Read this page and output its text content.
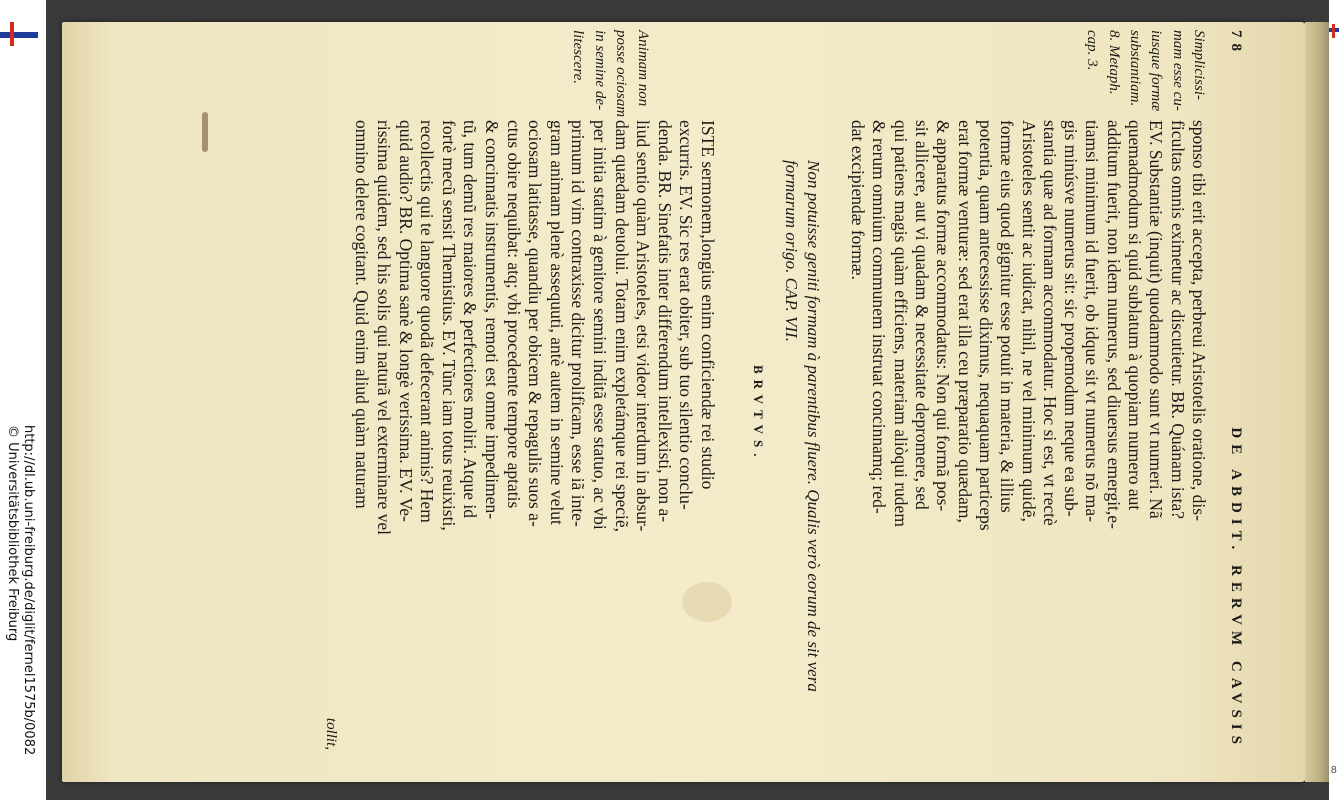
http://dl.ub.uni-freiburg.de/diglit/fernel1575b/0082
© Universitätsbibliothek Freiburg
8
78
DE ABDIT. RERVM CAVSIS
sponso tibi erit accepta, perbreui Aristotelis oratione, dis-
ficultas omnis eximetur ac discutietur. BR. Quánam ista?
EV. Substantiæ (inquit) quodammodo sunt vt numeri. Nã
quemadmodum si quid sublatum à quopiam numero aut
additum fuerit, non idem numerus, sed diuersus emergit,e-
tiamsi minimum id fuerit, ob idque sit vt numerus nõ ma-
gis minúsve numerus sit: sic propemodum neque ea sub-
stantia quæ ad formam accommodatur. Hoc si est, vt rectè
Aristoteles sentit ac iudicat, nihil, ne vel minimum quidẽ,
formæ eius quod gignitur esse potuit in materia, & illius
potentia, quam antecessisse diximus, nequaquam particeps
erat formæ venturæ: sed erat illa ceu præparatio quædam,
& apparatus formæ accommodatus: Non qui formã pos-
sit allicere, aut vi quadam & necessitate depromere, sed
qui patiens magis quàm efficiens, materiam aliòqui rudem
& rerum omnium communem instruat concinnamq; red-
dat excipiendæ formæ.
Simplicissi-
mam esse cu-
iusque formæ
substantiam.
8. Metaph.
cap. 3.
Animam non
posse ociosam
in semine de-
litescere.
Non potuisse geniti formam à parentibus fluere. Qualis verò eorum de sit vera formarum origo. CAP. VII.
BRVTVS.
ISTE sermonem,longius enim conficiendæ rei studio
excurris. EV. Sic res erat obiter, sub tuo silentio conclu-
denda. BR. Sinefatis inter differendum intellexisti, non a-
liud sentio quàm Aristoteles, etsi videor interdum in absur-
dam quædam deuolui. Totam enim expletámque rei speciẽ,
per initia statim à genitore semini inditã esse statuo, ac vbi
primum id vim contraxisse dicitur prolificam, esse iã inte-
gram animam plenè assequuti, antè autem in semine velut
ociosam latitasse, quandiu per obicem & repagulis suos a-
ctus obire nequibat: atq; vbi procedente tempore aptatis
& concinnatis instrumentis, remoti est omne impedimen-
tũ, tum demũ res maiores & perfectiores moliri. Atque id
fortè mecũ sensit Themistius. EV. Tũnc iam totus reuixisti,
recollectis qui te languore quodã defecerant animis? Hem
quid audio? BR. Optima sanè & longè verissima. EV. Ve-
rissima quidem, sed his solis qui naturã vel exterminare vel
omnino delere cogitant. Quid enim aliud quàm naturam
tollit,
